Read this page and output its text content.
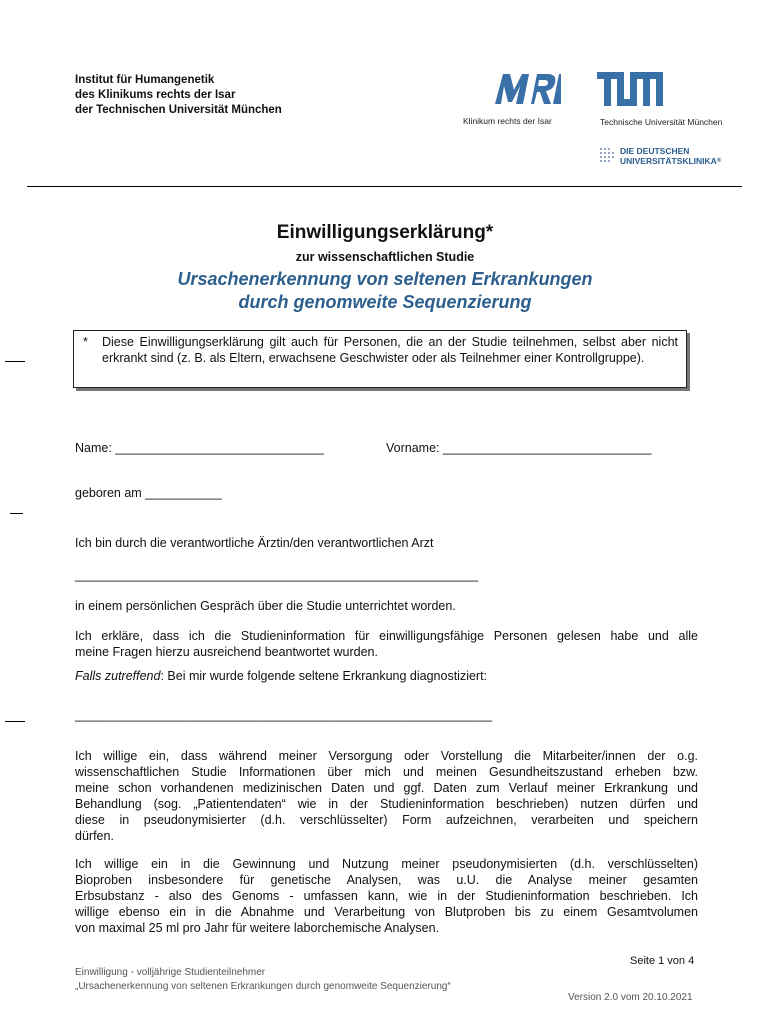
Institut für Humangenetik
des Klinikums rechts der Isar
der Technischen Universität München
Klinikum rechts der Isar	Technische Universität München
DIE DEUTSCHEN
UNIVERSITÄTSKLINIKA®
Einwilligungserklärung*
zur wissenschaftlichen Studie
Ursachenerkennung von seltenen Erkrankungen
durch genomweite Sequenzierung
* Diese Einwilligungserklärung gilt auch für Personen, die an der Studie teilnehmen, selbst aber nicht erkrankt sind (z. B. als Eltern, erwachsene Geschwister oder als Teilnehmer einer Kontrollgruppe).
Name: ______________________________	Vorname: ______________________________
geboren am ___________
Ich bin durch die verantwortliche Ärztin/den verantwortlichen Arzt
__________________________________________________________
in einem persönlichen Gespräch über die Studie unterrichtet worden.
Ich erkläre, dass ich die Studieninformation für einwilligungsfähige Personen gelesen habe und alle
meine Fragen hierzu ausreichend beantwortet wurden.
Falls zutreffend: Bei mir wurde folgende seltene Erkrankung diagnostiziert:
____________________________________________________________
Ich willige ein, dass während meiner Versorgung oder Vorstellung die Mitarbeiter/innen der o.g.
wissenschaftlichen Studie Informationen über mich und meinen Gesundheitszustand erheben bzw.
meine schon vorhandenen medizinischen Daten und ggf. Daten zum Verlauf meiner Erkrankung und
Behandlung (sog. „Patientendaten“ wie in der Studieninformation beschrieben) nutzen dürfen und
diese in pseudonymisierter (d.h. verschlüsselter) Form aufzeichnen, verarbeiten und speichern
dürfen.
Ich willige ein in die Gewinnung und Nutzung meiner pseudonymisierten (d.h. verschlüsselten)
Bioproben insbesondere für genetische Analysen, was u.U. die Analyse meiner gesamten
Erbsubstanz - also des Genoms - umfassen kann, wie in der Studieninformation beschrieben. Ich
willige ebenso ein in die Abnahme und Verarbeitung von Blutproben bis zu einem Gesamtvolumen
von maximal 25 ml pro Jahr für weitere laborchemische Analysen.
Seite 1 von 4
Einwilligung - volljährige Studienteilnehmer
„Ursachenerkennung von seltenen Erkrankungen durch genomweite Sequenzierung“
Version 2.0 vom 20.10.2021
